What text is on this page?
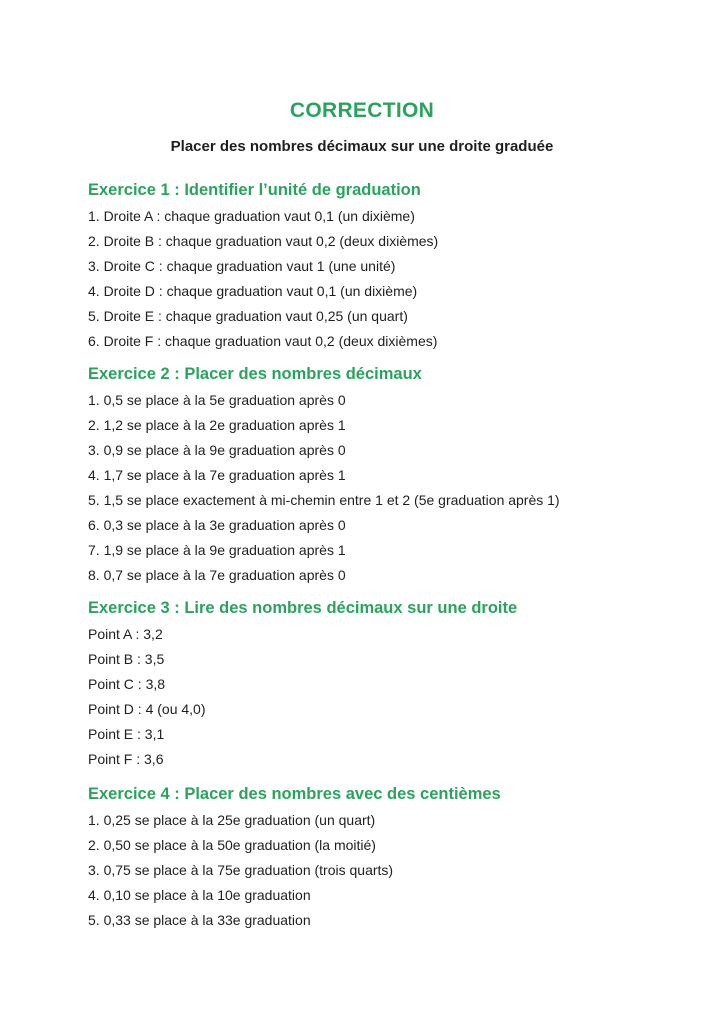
CORRECTION
Placer des nombres décimaux sur une droite graduée
Exercice 1 : Identifier l’unité de graduation

1. Droite A : chaque graduation vaut 0,1 (un dixième)

2. Droite B : chaque graduation vaut 0,2 (deux dixièmes)

3. Droite C : chaque graduation vaut 1 (une unité)

4. Droite D : chaque graduation vaut 0,1 (un dixième)

5. Droite E : chaque graduation vaut 0,25 (un quart)

6. Droite F : chaque graduation vaut 0,2 (deux dixièmes)

Exercice 2 : Placer des nombres décimaux

1. 0,5 se place à la 5e graduation après 0

2. 1,2 se place à la 2e graduation après 1

3. 0,9 se place à la 9e graduation après 0

4. 1,7 se place à la 7e graduation après 1

5. 1,5 se place exactement à mi-chemin entre 1 et 2 (5e graduation après 1)

6. 0,3 se place à la 3e graduation après 0

7. 1,9 se place à la 9e graduation après 1

8. 0,7 se place à la 7e graduation après 0

Exercice 3 : Lire des nombres décimaux sur une droite

Point A : 3,2

Point B : 3,5

Point C : 3,8

Point D : 4 (ou 4,0)

Point E : 3,1

Point F : 3,6

Exercice 4 : Placer des nombres avec des centièmes

1. 0,25 se place à la 25e graduation (un quart)

2. 0,50 se place à la 50e graduation (la moitié)

3. 0,75 se place à la 75e graduation (trois quarts)

4. 0,10 se place à la 10e graduation

5. 0,33 se place à la 33e graduation
